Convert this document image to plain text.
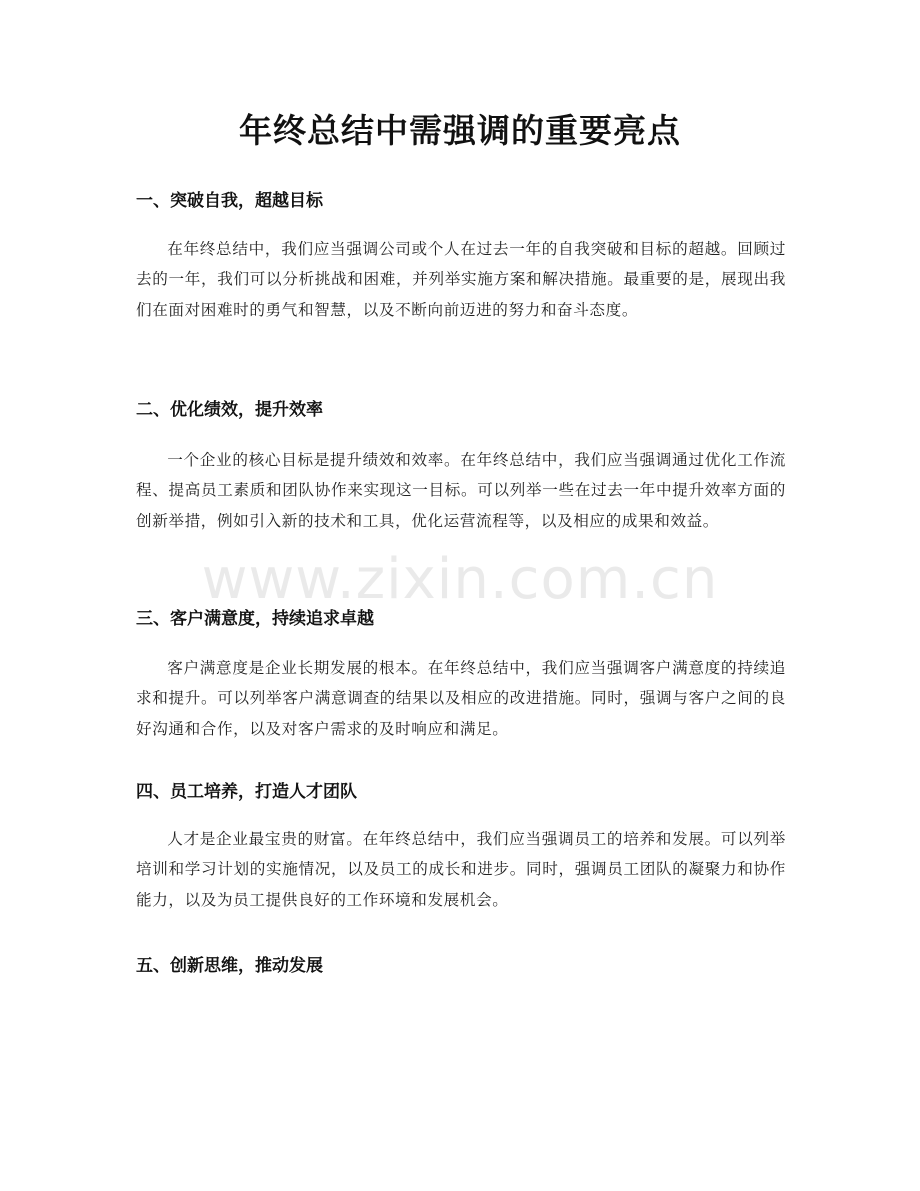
年终总结中需强调的重要亮点
一、突破自我，超越目标
在年终总结中，我们应当强调公司或个人在过去一年的自我突破和目标的超越。回顾过去的一年，我们可以分析挑战和困难，并列举实施方案和解决措施。最重要的是，展现出我们在面对困难时的勇气和智慧，以及不断向前迈进的努力和奋斗态度。
二、优化绩效，提升效率
一个企业的核心目标是提升绩效和效率。在年终总结中，我们应当强调通过优化工作流程、提高员工素质和团队协作来实现这一目标。可以列举一些在过去一年中提升效率方面的创新举措，例如引入新的技术和工具，优化运营流程等，以及相应的成果和效益。
三、客户满意度，持续追求卓越
客户满意度是企业长期发展的根本。在年终总结中，我们应当强调客户满意度的持续追求和提升。可以列举客户满意调查的结果以及相应的改进措施。同时，强调与客户之间的良好沟通和合作，以及对客户需求的及时响应和满足。
四、员工培养，打造人才团队
人才是企业最宝贵的财富。在年终总结中，我们应当强调员工的培养和发展。可以列举培训和学习计划的实施情况，以及员工的成长和进步。同时，强调员工团队的凝聚力和协作能力，以及为员工提供良好的工作环境和发展机会。
五、创新思维，推动发展
www.zixin.com.cn
